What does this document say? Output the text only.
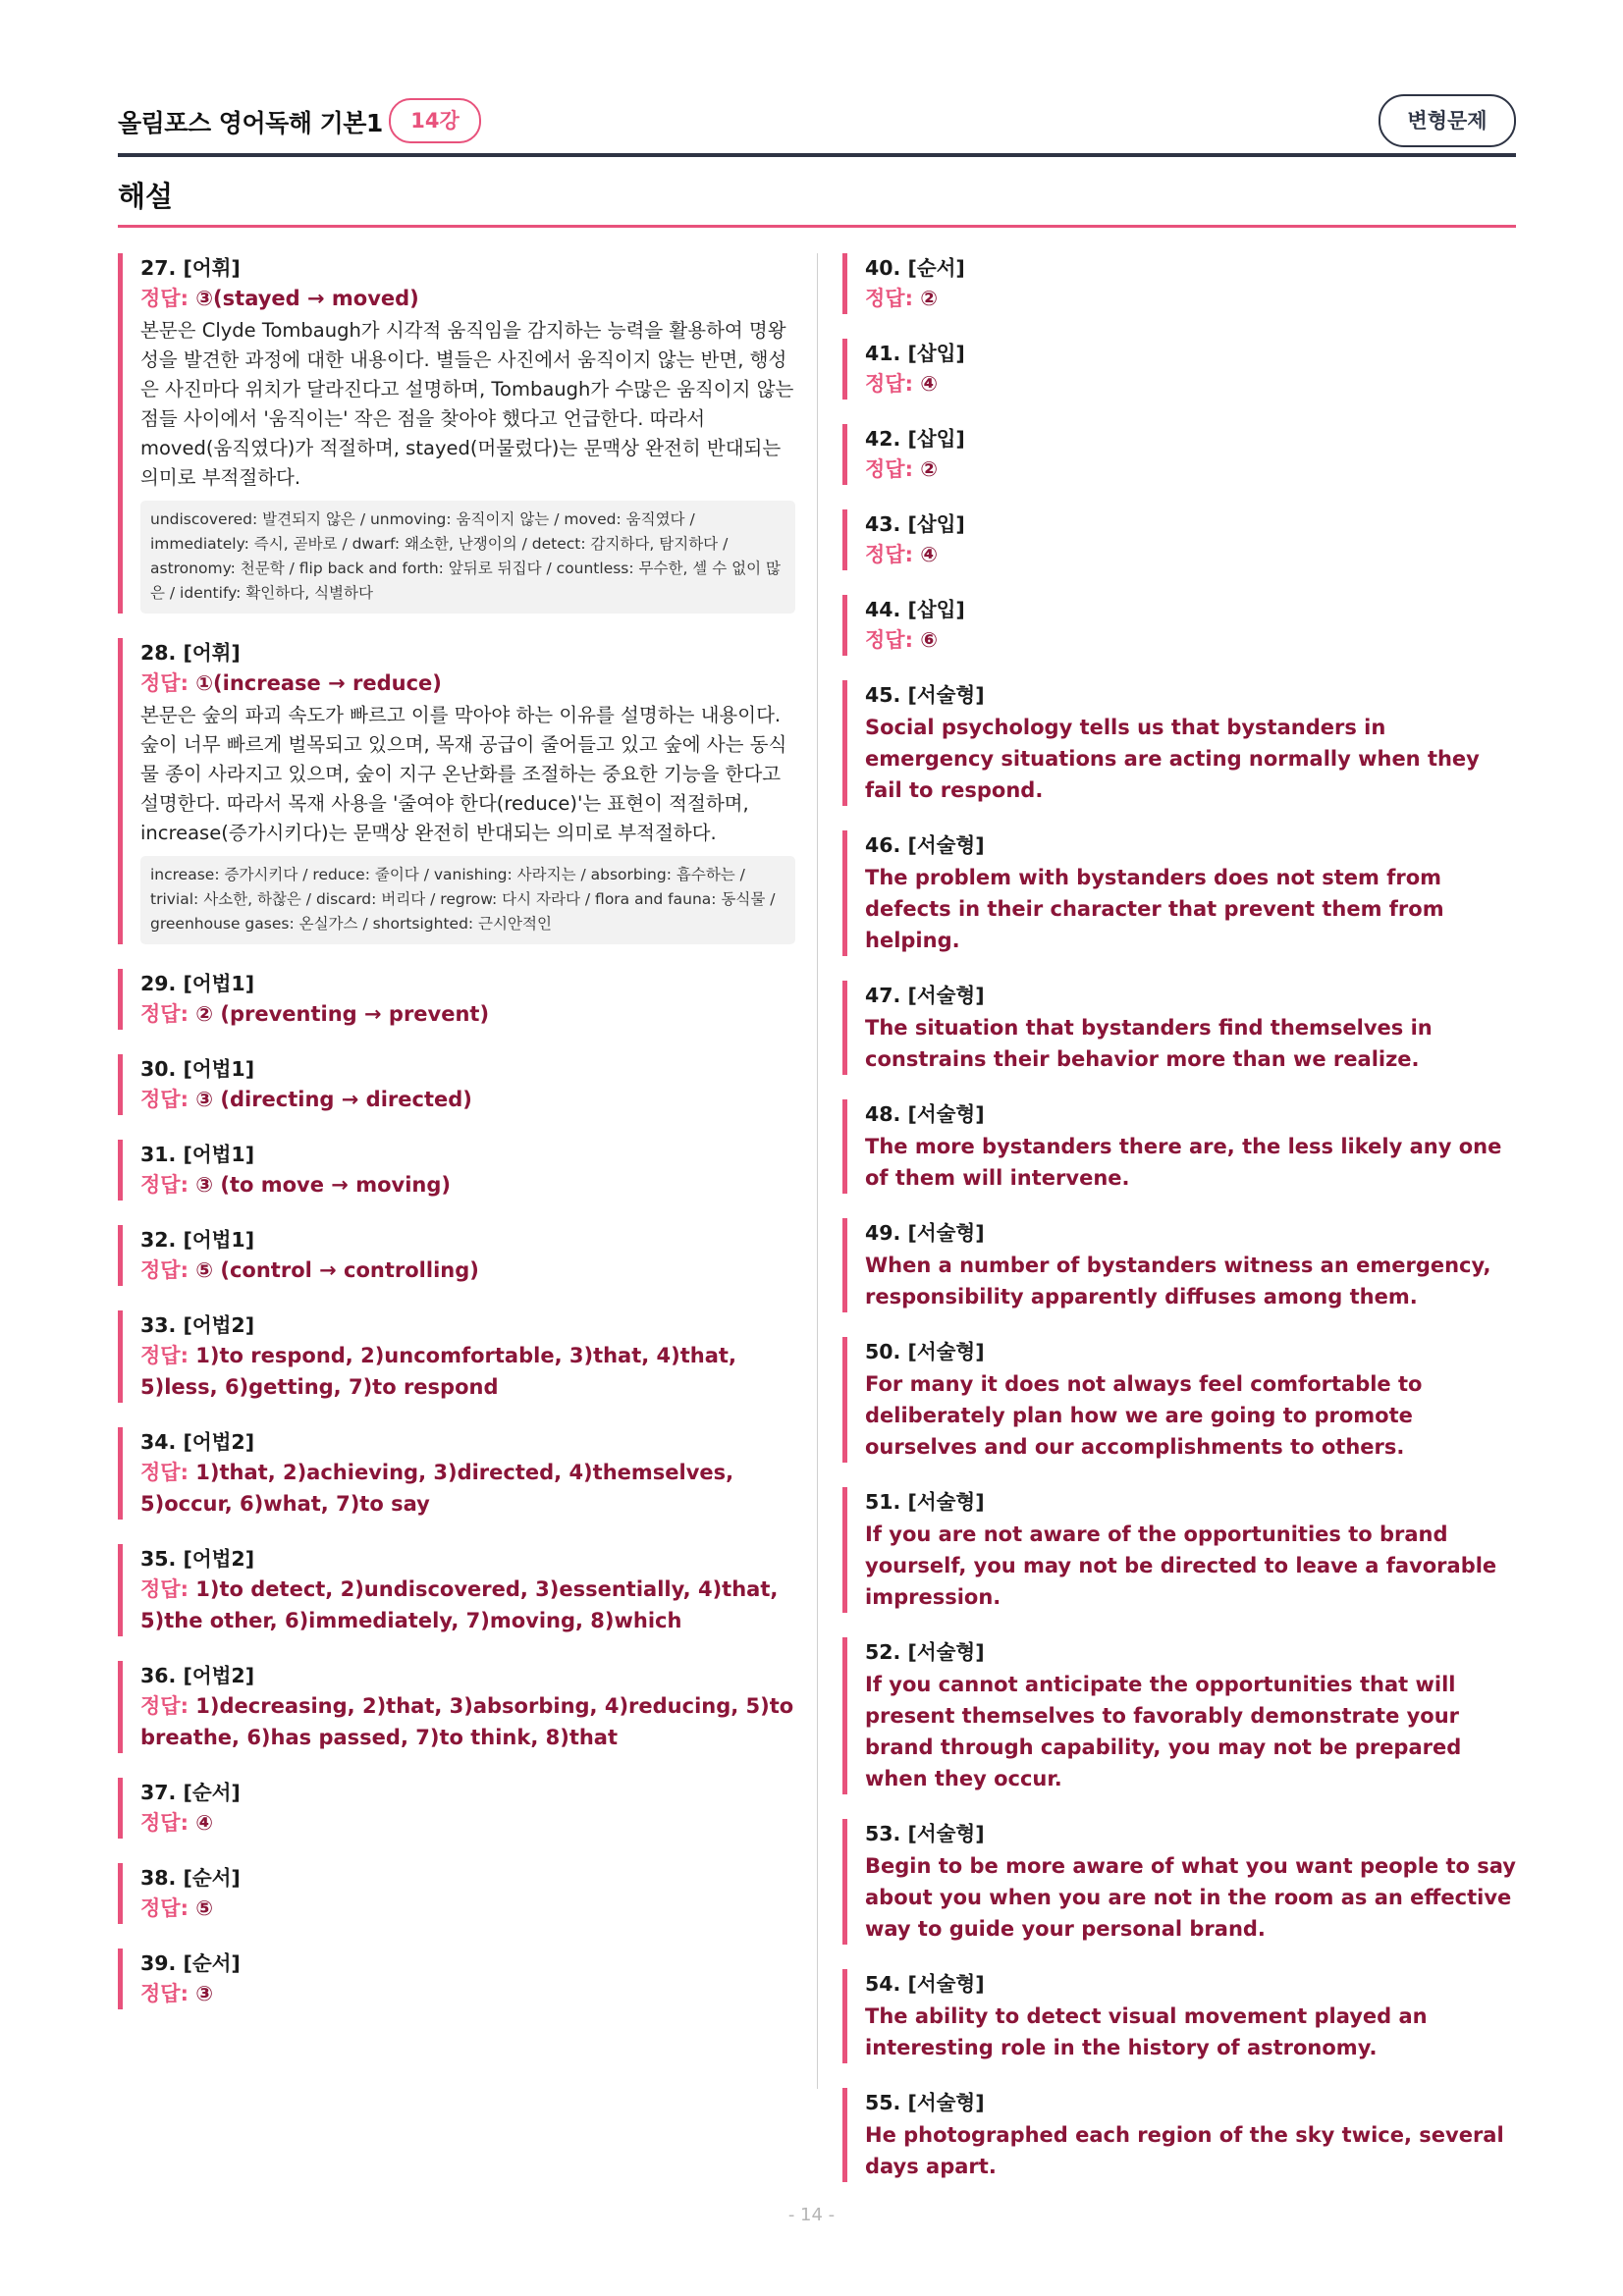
올림포스 영어독해 기본1	14강	변형문제
해설
27. [어휘]
정답: ③(stayed → moved)
본문은 Clyde Tombaugh가 시각적 움직임을 감지하는 능력을 활용하여 명왕성을 발견한 과정에 대한 내용이다. 별들은 사진에서 움직이지 않는 반면, 행성은 사진마다 위치가 달라진다고 설명하며, Tombaugh가 수많은 움직이지 않는 점들 사이에서 '움직이는' 작은 점을 찾아야 했다고 언급한다. 따라서 moved(움직였다)가 적절하며, stayed(머물렀다)는 문맥상 완전히 반대되는 의미로 부적절하다.
undiscovered: 발견되지 않은 / unmoving: 움직이지 않는 / moved: 움직였다 / immediately: 즉시, 곧바로 / dwarf: 왜소한, 난쟁이의 / detect: 감지하다, 탐지하다 / astronomy: 천문학 / flip back and forth: 앞뒤로 뒤집다 / countless: 무수한, 셀 수 없이 많은 / identify: 확인하다, 식별하다
28. [어휘]
정답: ①(increase → reduce)
본문은 숲의 파괴 속도가 빠르고 이를 막아야 하는 이유를 설명하는 내용이다. 숲이 너무 빠르게 벌목되고 있으며, 목재 공급이 줄어들고 있고 숲에 사는 동식물 종이 사라지고 있으며, 숲이 지구 온난화를 조절하는 중요한 기능을 한다고 설명한다. 따라서 목재 사용을 '줄여야 한다(reduce)'는 표현이 적절하며, increase(증가시키다)는 문맥상 완전히 반대되는 의미로 부적절하다.
increase: 증가시키다 / reduce: 줄이다 / vanishing: 사라지는 / absorbing: 흡수하는 / trivial: 사소한, 하찮은 / discard: 버리다 / regrow: 다시 자라다 / flora and fauna: 동식물 / greenhouse gases: 온실가스 / shortsighted: 근시안적인
29. [어법1]
정답: ② (preventing → prevent)
30. [어법1]
정답: ③ (directing → directed)
31. [어법1]
정답: ③ (to move → moving)
32. [어법1]
정답: ⑤ (control → controlling)
33. [어법2]
정답: 1)to respond, 2)uncomfortable, 3)that, 4)that, 5)less, 6)getting, 7)to respond
34. [어법2]
정답: 1)that, 2)achieving, 3)directed, 4)themselves, 5)occur, 6)what, 7)to say
35. [어법2]
정답: 1)to detect, 2)undiscovered, 3)essentially, 4)that, 5)the other, 6)immediately, 7)moving, 8)which
36. [어법2]
정답: 1)decreasing, 2)that, 3)absorbing, 4)reducing, 5)to breathe, 6)has passed, 7)to think, 8)that
37. [순서]
정답: ④
38. [순서]
정답: ⑤
39. [순서]
정답: ③
40. [순서]
정답: ②
41. [삽입]
정답: ④
42. [삽입]
정답: ②
43. [삽입]
정답: ④
44. [삽입]
정답: ⑥
45. [서술형]
Social psychology tells us that bystanders in emergency situations are acting normally when they fail to respond.
46. [서술형]
The problem with bystanders does not stem from defects in their character that prevent them from helping.
47. [서술형]
The situation that bystanders find themselves in constrains their behavior more than we realize.
48. [서술형]
The more bystanders there are, the less likely any one of them will intervene.
49. [서술형]
When a number of bystanders witness an emergency, responsibility apparently diffuses among them.
50. [서술형]
For many it does not always feel comfortable to deliberately plan how we are going to promote ourselves and our accomplishments to others.
51. [서술형]
If you are not aware of the opportunities to brand yourself, you may not be directed to leave a favorable impression.
52. [서술형]
If you cannot anticipate the opportunities that will present themselves to favorably demonstrate your brand through capability, you may not be prepared when they occur.
53. [서술형]
Begin to be more aware of what you want people to say about you when you are not in the room as an effective way to guide your personal brand.
54. [서술형]
The ability to detect visual movement played an interesting role in the history of astronomy.
55. [서술형]
He photographed each region of the sky twice, several days apart.
- 14 -
